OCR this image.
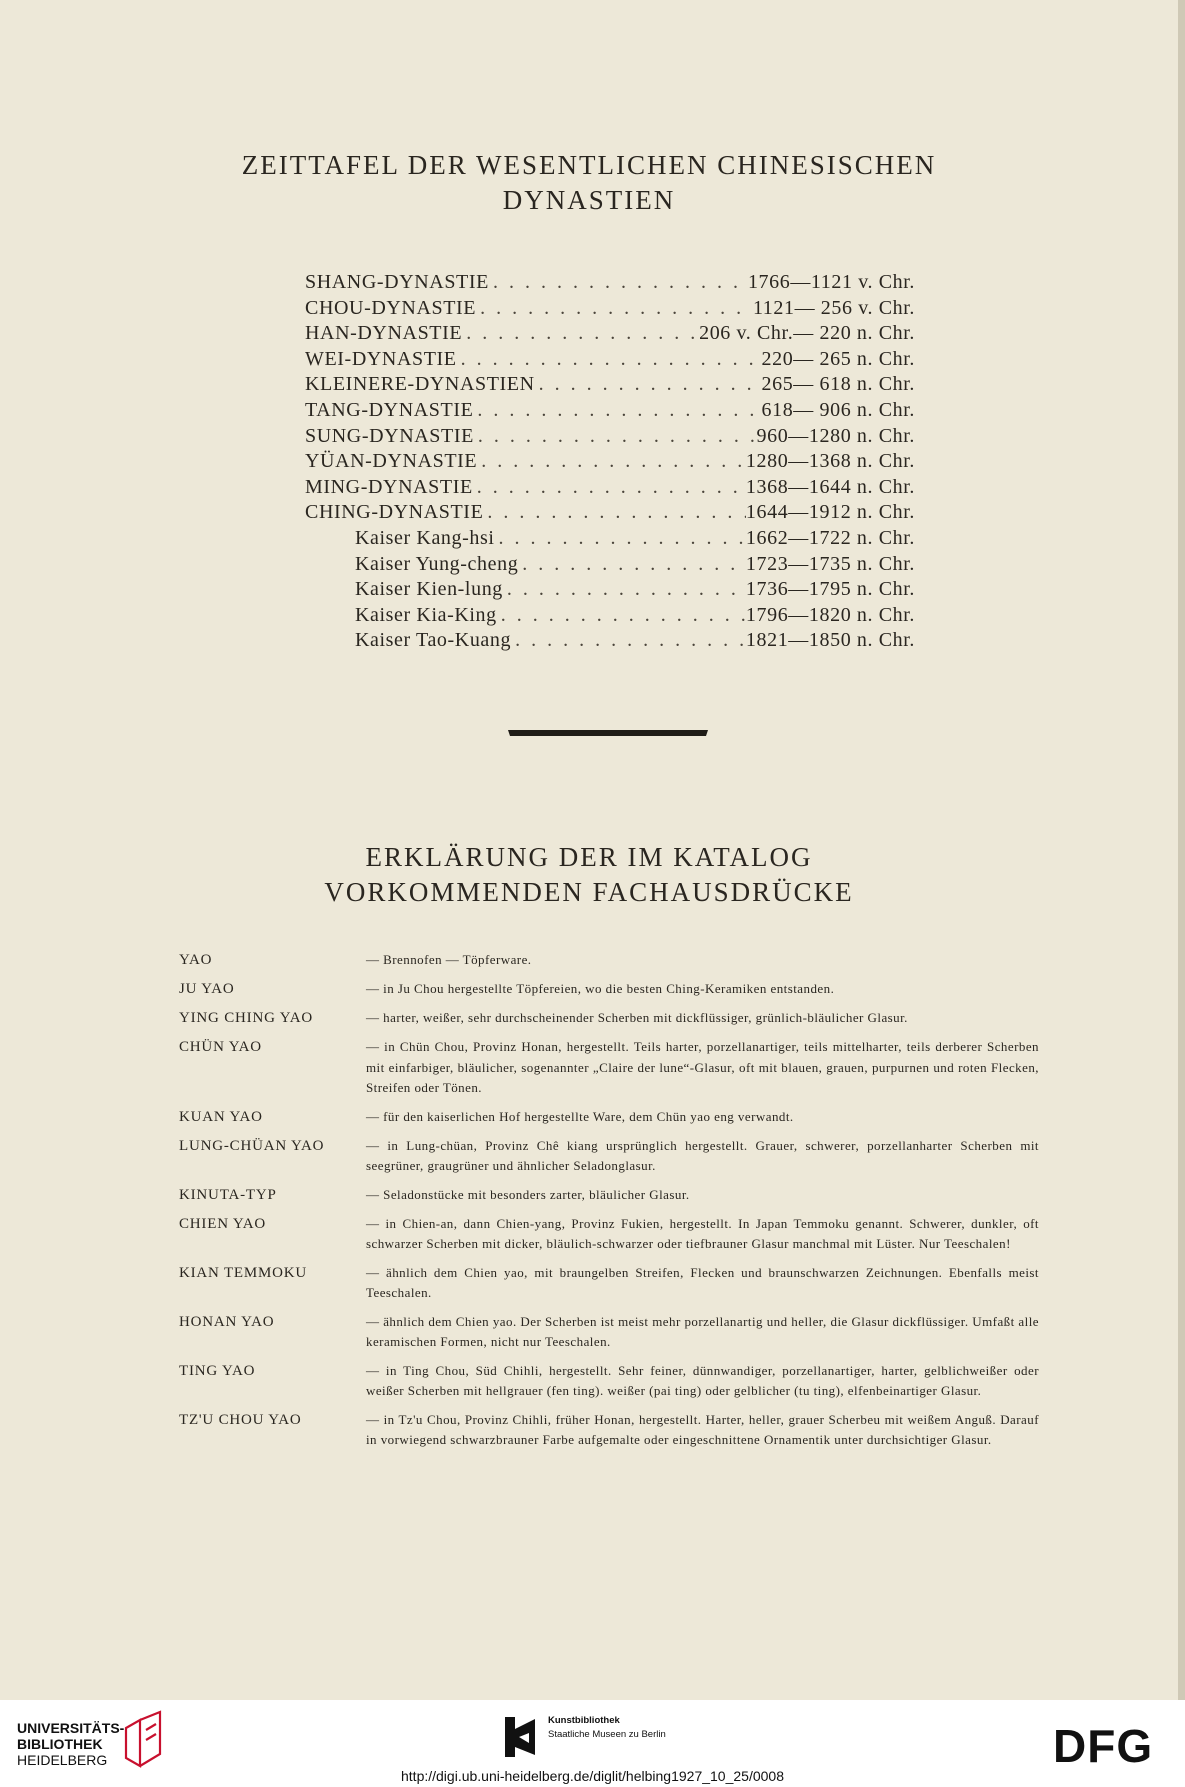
ZEITTAFEL DER WESENTLICHEN CHINESISCHEN
DYNASTIEN
SHANG-DYNASTIE . . .	1766—1121 v. Chr.
CHOU-DYNASTIE . . .	1121— 256 v. Chr.
HAN-DYNASTIE . . .	206 v. Chr.— 220 n. Chr.
WEI-DYNASTIE . . .	220— 265 n. Chr.
KLEINERE-DYNASTIEN . . .	265— 618 n. Chr.
TANG-DYNASTIE . . .	618— 906 n. Chr.
SUNG-DYNASTIE . . .	960—1280 n. Chr.
YÜAN-DYNASTIE . . .	1280—1368 n. Chr.
MING-DYNASTIE . . .	1368—1644 n. Chr.
CHING-DYNASTIE . . .	1644—1912 n. Chr.
Kaiser Kang-hsi . . .	1662—1722 n. Chr.
Kaiser Yung-cheng . . .	1723—1735 n. Chr.
Kaiser Kien-lung . . .	1736—1795 n. Chr.
Kaiser Kia-King . . .	1796—1820 n. Chr.
Kaiser Tao-Kuang . . .	1821—1850 n. Chr.
ERKLÄRUNG DER IM KATALOG
VORKOMMENDEN FACHAUSDRÜCKE
YAO	— Brennofen — Töpferware.
JU YAO	— in Ju Chou hergestellte Töpfereien, wo die besten Ching-Keramiken entstanden.
YING CHING YAO	— harter, weißer, sehr durchscheinender Scherben mit dickflüssiger, grünlich-bläulicher Glasur.
CHÜN YAO	— in Chün Chou, Provinz Honan, hergestellt. Teils harter, porzellanartiger, teils mittelharter, teils derberer Scherben mit einfarbiger, bläulicher, sogenannter „Claire der lune“-Glasur, oft mit blauen, grauen, purpurnen und roten Flecken, Streifen oder Tönen.
KUAN YAO	— für den kaiserlichen Hof hergestellte Ware, dem Chün yao eng verwandt.
LUNG-CHÜAN YAO	— in Lung-chüan, Provinz Chê kiang ursprünglich hergestellt. Grauer, schwerer, porzellanharter Scherben mit seegrüner, graugrüner und ähnlicher Seladonglasur.
KINUTA-TYP	— Seladonstücke mit besonders zarter, bläulicher Glasur.
CHIEN YAO	— in Chien-an, dann Chien-yang, Provinz Fukien, hergestellt. In Japan Temmoku genannt. Schwerer, dunkler, oft schwarzer Scherben mit dicker, bläulich-schwarzer oder tiefbrauner Glasur manchmal mit Lüster. Nur Teeschalen!
KIAN TEMMOKU	— ähnlich dem Chien yao, mit braungelben Streifen, Flecken und braunschwarzen Zeichnungen. Ebenfalls meist Teeschalen.
HONAN YAO	— ähnlich dem Chien yao. Der Scherben ist meist mehr porzellanartig und heller, die Glasur dickflüssiger. Umfaßt alle keramischen Formen, nicht nur Teeschalen.
TING YAO	— in Ting Chou, Süd Chihli, hergestellt. Sehr feiner, dünnwandiger, porzellanartiger, harter, gelblichweißer oder weißer Scherben mit hellgrauer (fen ting). weißer (pai ting) oder gelblicher (tu ting), elfenbeinartiger Glasur.
TZ'U CHOU YAO	— in Tz'u Chou, Provinz Chihli, früher Honan, hergestellt. Harter, heller, grauer Scherbeu mit weißem Anguß. Darauf in vorwiegend schwarzbrauner Farbe aufgemalte oder eingeschnittene Ornamentik unter durchsichtiger Glasur.
UNIVERSITÄTS-
BIBLIOTHEK
HEIDELBERG
Kunstbibliothek
Staatliche Museen zu Berlin	DFG
http://digi.ub.uni-heidelberg.de/diglit/helbing1927_10_25/0008
